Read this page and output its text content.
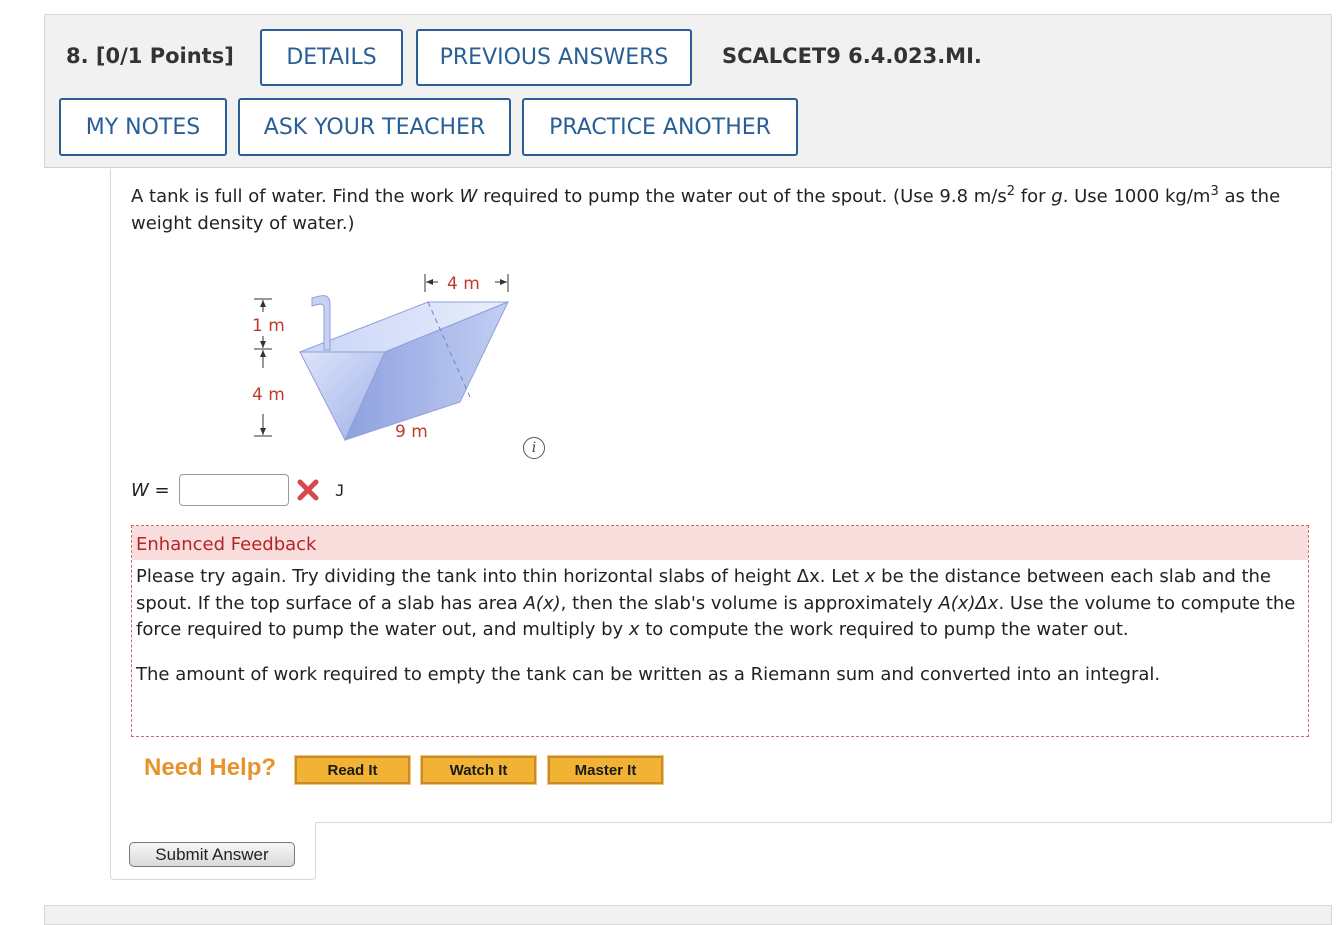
8. [0/1 Points]	DETAILS	PREVIOUS ANSWERS	SCALCET9 6.4.023.MI.
MY NOTES	ASK YOUR TEACHER	PRACTICE ANOTHER
A tank is full of water. Find the work W required to pump the water out of the spout. (Use 9.8 $m/s^2$ for g. Use 1000 $kg/m^3$ as the weight density of water.)
4 m
1 m
4 m
9 m
i
W =	J
Enhanced Feedback

Please try again. Try dividing the tank into thin horizontal slabs of height Δx. Let x be the distance between each slab and the spout. If the top surface of a slab has area A(x), then the slab's volume is approximately A(x)Δx. Use the volume to compute the force required to pump the water out, and multiply by x to compute the work required to pump the water out.

The amount of work required to empty the tank can be written as a Riemann sum and converted into an integral.

Need Help?	Read It	Watch It	Master It
Submit Answer
